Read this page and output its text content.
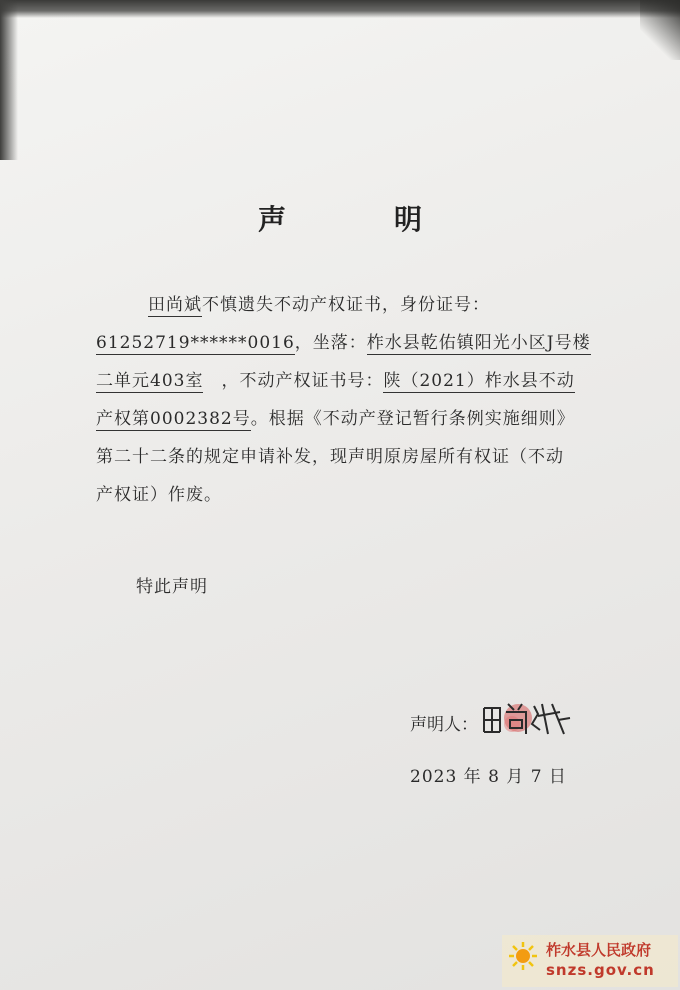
声　明
田尚斌不慎遗失不动产权证书，身份证号：
61252719******0016，坐落：柞水县乾佑镇阳光小区J号楼
二单元403室　，不动产权证书号：陕（2021）柞水县不动
产权第0002382号。根据《不动产登记暂行条例实施细则》
第二十二条的规定申请补发，现声明原房屋所有权证（不动
产权证）作废。
特此声明
声明人：
2023 年 8 月 7 日
柞水县人民政府
snzs.gov.cn
